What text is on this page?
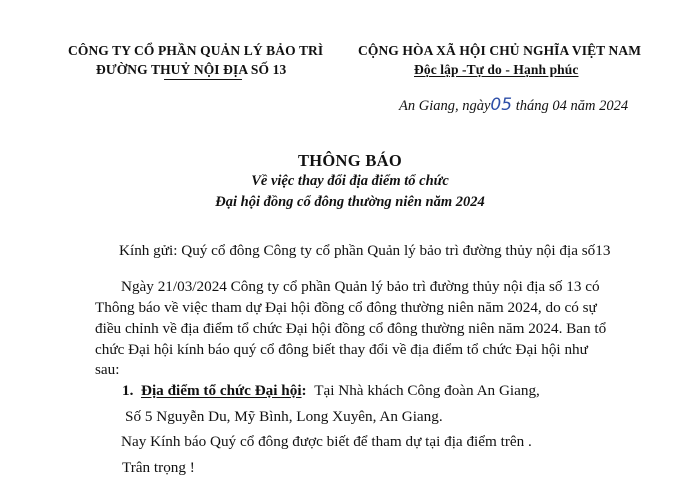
CÔNG TY CỔ PHẦN QUẢN LÝ BẢO TRÌ
ĐƯỜNG THUỶ NỘI ĐỊA SỐ 13
CỘNG HÒA XÃ HỘI CHỦ NGHĨA VIỆT NAM
Độc lập -Tự do - Hạnh phúc
An Giang, ngày05 tháng 04 năm 2024
THÔNG BÁO
Về việc thay đổi địa điểm tổ chức
Đại hội đồng cổ đông thường niên năm 2024
Kính gửi: Quý cổ đông Công ty cổ phần Quản lý bảo trì đường thủy nội địa số13
Ngày 21/03/2024 Công ty cổ phần Quản lý bảo trì đường thủy nội địa số 13 có
Thông báo về việc tham dự Đại hội đồng cổ đông thường niên năm 2024, do có sự
điều chỉnh về địa điểm tổ chức Đại hội đồng cổ đông thường niên năm 2024. Ban tổ
chức Đại hội kính báo quý cổ đông biết thay đổi về địa điểm tổ chức Đại hội như
sau:
1. Địa điểm tổ chức Đại hội: Tại Nhà khách Công đoàn An Giang,
Số 5 Nguyễn Du, Mỹ Bình, Long Xuyên, An Giang.
Nay Kính báo Quý cổ đông được biết để tham dự tại địa điểm trên .
Trân trọng !
